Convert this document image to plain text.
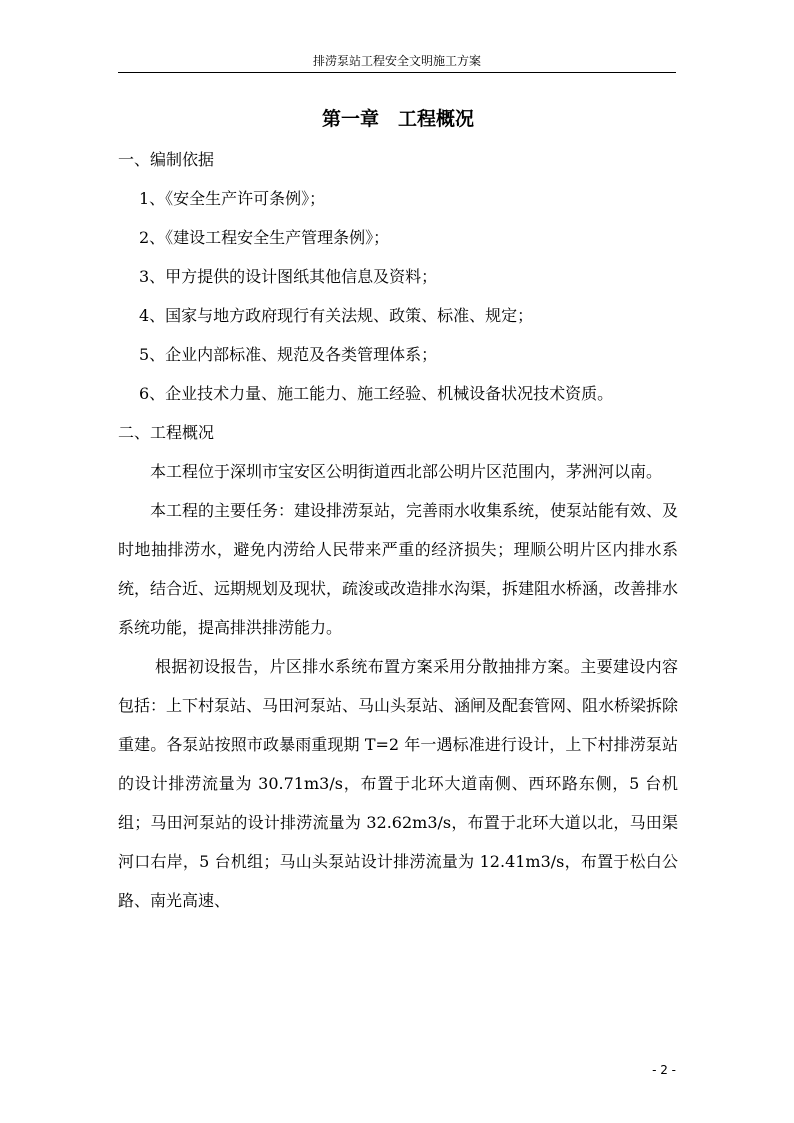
排涝泵站工程安全文明施工方案
第一章　工程概况

一、编制依据

1、《安全生产许可条例》；

2、《建设工程安全生产管理条例》；

3、甲方提供的设计图纸其他信息及资料；

4、国家与地方政府现行有关法规、政策、标准、规定；

5、企业内部标准、规范及各类管理体系；

6、企业技术力量、施工能力、施工经验、机械设备状况技术资质。

二、工程概况

本工程位于深圳市宝安区公明街道西北部公明片区范围内，茅洲河以南。

本工程的主要任务：建设排涝泵站，完善雨水收集系统，使泵站能有效、及时地抽排涝水，避免内涝给人民带来严重的经济损失；理顺公明片区内排水系统，结合近、远期规划及现状，疏浚或改造排水沟渠，拆建阻水桥涵，改善排水系统功能，提高排洪排涝能力。

根据初设报告，片区排水系统布置方案采用分散抽排方案。主要建设内容包括：上下村泵站、马田河泵站、马山头泵站、涵闸及配套管网、阻水桥梁拆除重建。各泵站按照市政暴雨重现期 T=2 年一遇标准进行设计，上下村排涝泵站的设计排涝流量为 30.71m3/s，布置于北环大道南侧、西环路东侧，5 台机组；马田河泵站的设计排涝流量为 32.62m3/s，布置于北环大道以北，马田渠河口右岸，5 台机组；马山头泵站设计排涝流量为 12.41m3/s，布置于松白公路、南光高速、

- 2 -
